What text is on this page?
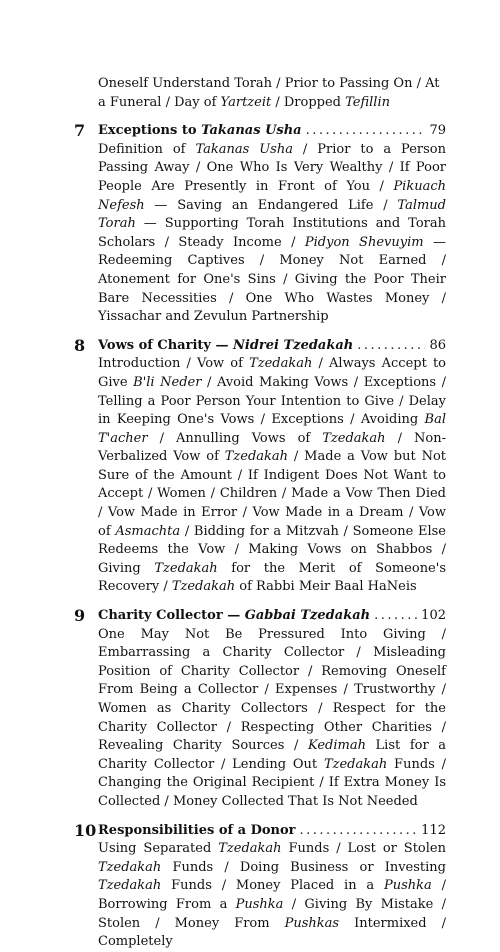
Oneself Understand Torah / Prior to Passing On / At a Funeral / Day of Yartzeit / Dropped Tefillin
7 Exceptions to Takanas Usha .....	79
Definition of Takanas Usha / Prior to a Person Passing Away / One Who Is Very Wealthy / If Poor People Are Presently in Front of You / Pikuach Nefesh — Saving an Endangered Life / Talmud Torah — Supporting Torah Institutions and Torah Scholars / Steady Income / Pidyon Shevuyim — Redeeming Captives / Money Not Earned / Atonement for One's Sins / Giving the Poor Their Bare Necessities / One Who Wastes Money / Yissachar and Zevulun Partnership
8 Vows of Charity — Nidrei Tzedakah .....	86
Introduction / Vow of Tzedakah / Always Accept to Give B'li Neder / Avoid Making Vows / Exceptions / Telling a Poor Person Your Intention to Give / Delay in Keeping One's Vows / Exceptions / Avoiding Bal T'acher / Annulling Vows of Tzedakah / Non-Verbalized Vow of Tzedakah / Made a Vow but Not Sure of the Amount / If Indigent Does Not Want to Accept / Women / Children / Made a Vow Then Died / Vow Made in Error / Vow Made in a Dream / Vow of Asmachta / Bidding for a Mitzvah / Someone Else Redeems the Vow / Making Vows on Shabbos / Giving Tzedakah for the Merit of Someone's Recovery / Tzedakah of Rabbi Meir Baal HaNeis
9 Charity Collector — Gabbai Tzedakah .....	102
One May Not Be Pressured Into Giving / Embarrassing a Charity Collector / Misleading Position of Charity Collector / Removing Oneself From Being a Collector / Expenses / Trustworthy / Women as Charity Collectors / Respect for the Charity Collector / Respecting Other Charities / Revealing Charity Sources / Kedimah List for a Charity Collector / Lending Out Tzedakah Funds / Changing the Original Recipient / If Extra Money Is Collected / Money Collected That Is Not Needed
10 Responsibilities of a Donor .....	112
Using Separated Tzedakah Funds / Lost or Stolen Tzedakah Funds / Doing Business or Investing Tzedakah Funds / Money Placed in a Pushka / Borrowing From a Pushka / Giving By Mistake / Stolen / Money From Pushkas Intermixed / Completely
